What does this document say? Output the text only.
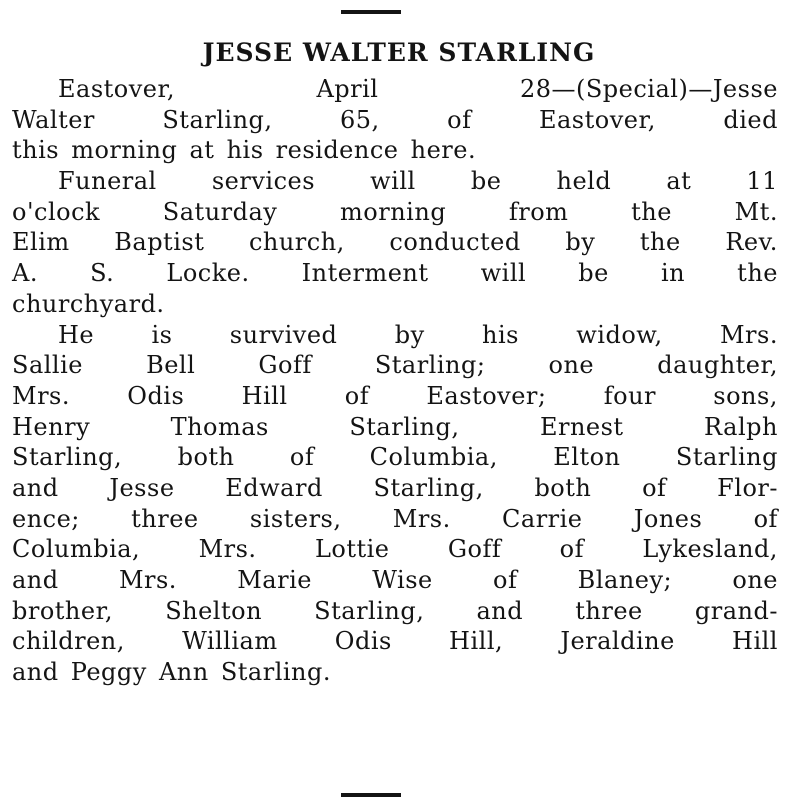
JESSE WALTER STARLING
Eastover,	April	28—(Special)—Jesse
Walter	Starling,	65,	of	Eastover,	died
this morning at his residence here.
Funeral services will be held at 11
o'clock	Saturday	morning	from	the	Mt.
Elim Baptist church, conducted by the Rev.
A. S. Locke. Interment will be in the
churchyard.
He is survived by his widow, Mrs.
Sallie	Bell	Goff	Starling;	one	daughter,
Mrs. Odis Hill of Eastover; four sons,
Henry	Thomas	Starling,	Ernest	Ralph
Starling, both of Columbia, Elton Starling
and Jesse Edward Starling, both of Flor-
ence; three sisters, Mrs. Carrie Jones of
Columbia, Mrs. Lottie Goff of Lykesland,
and	Mrs.	Marie	Wise	of	Blaney;	one
brother, Shelton Starling, and three grand-
children, William Odis Hill, Jeraldine Hill
and Peggy Ann Starling.
